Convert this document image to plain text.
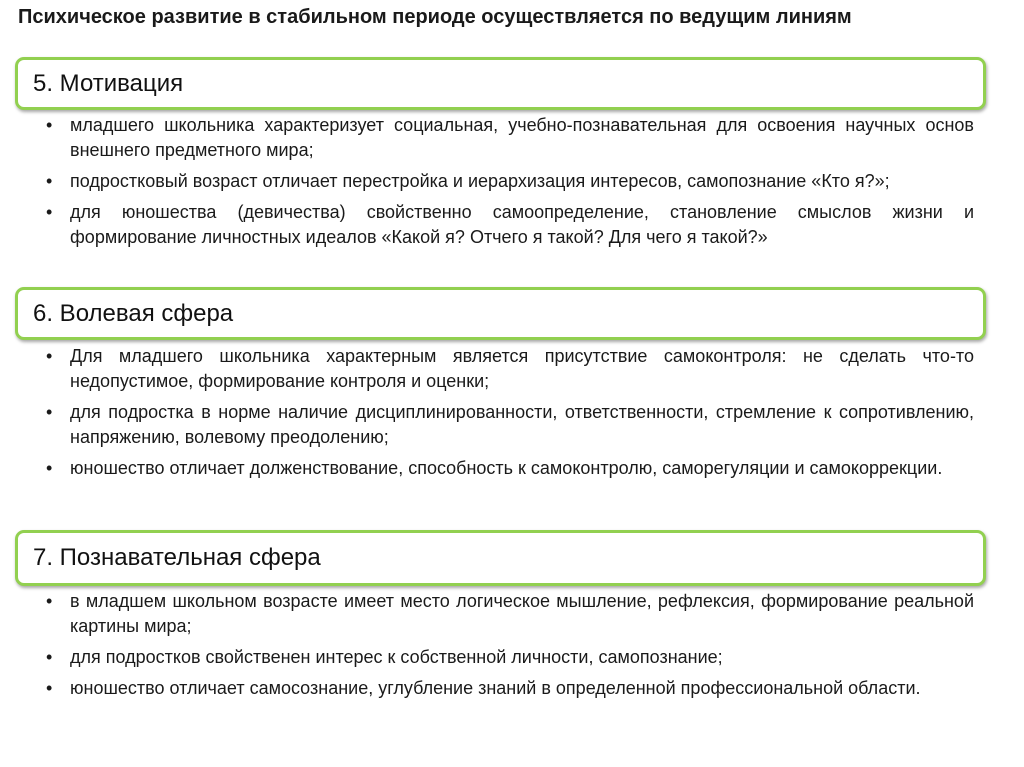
Психическое развитие в стабильном периоде осуществляется по ведущим линиям
5. Мотивация
• младшего школьника характеризует социальная, учебно-познавательная для освоения научных основ внешнего предметного мира;
• подростковый возраст отличает перестройка и иерархизация интересов, самопознание «Кто я?»;
• для юношества (девичества) свойственно самоопределение, становление смыслов жизни и формирование личностных идеалов «Какой я? Отчего я такой? Для чего я такой?»
6. Волевая сфера
• Для младшего школьника характерным является присутствие самоконтроля: не сделать что-то недопустимое, формирование контроля и оценки;
• для подростка в норме наличие дисциплинированности, ответственности, стремление к сопротивлению, напряжению, волевому преодолению;
• юношество отличает долженствование, способность к самоконтролю, саморегуляции и самокоррекции.
7. Познавательная сфера
• в младшем школьном возрасте имеет место логическое мышление, рефлексия, формирование реальной картины мира;
• для подростков свойственен интерес к собственной личности, самопознание;
• юношество отличает самосознание, углубление знаний в определенной профессиональной области.
